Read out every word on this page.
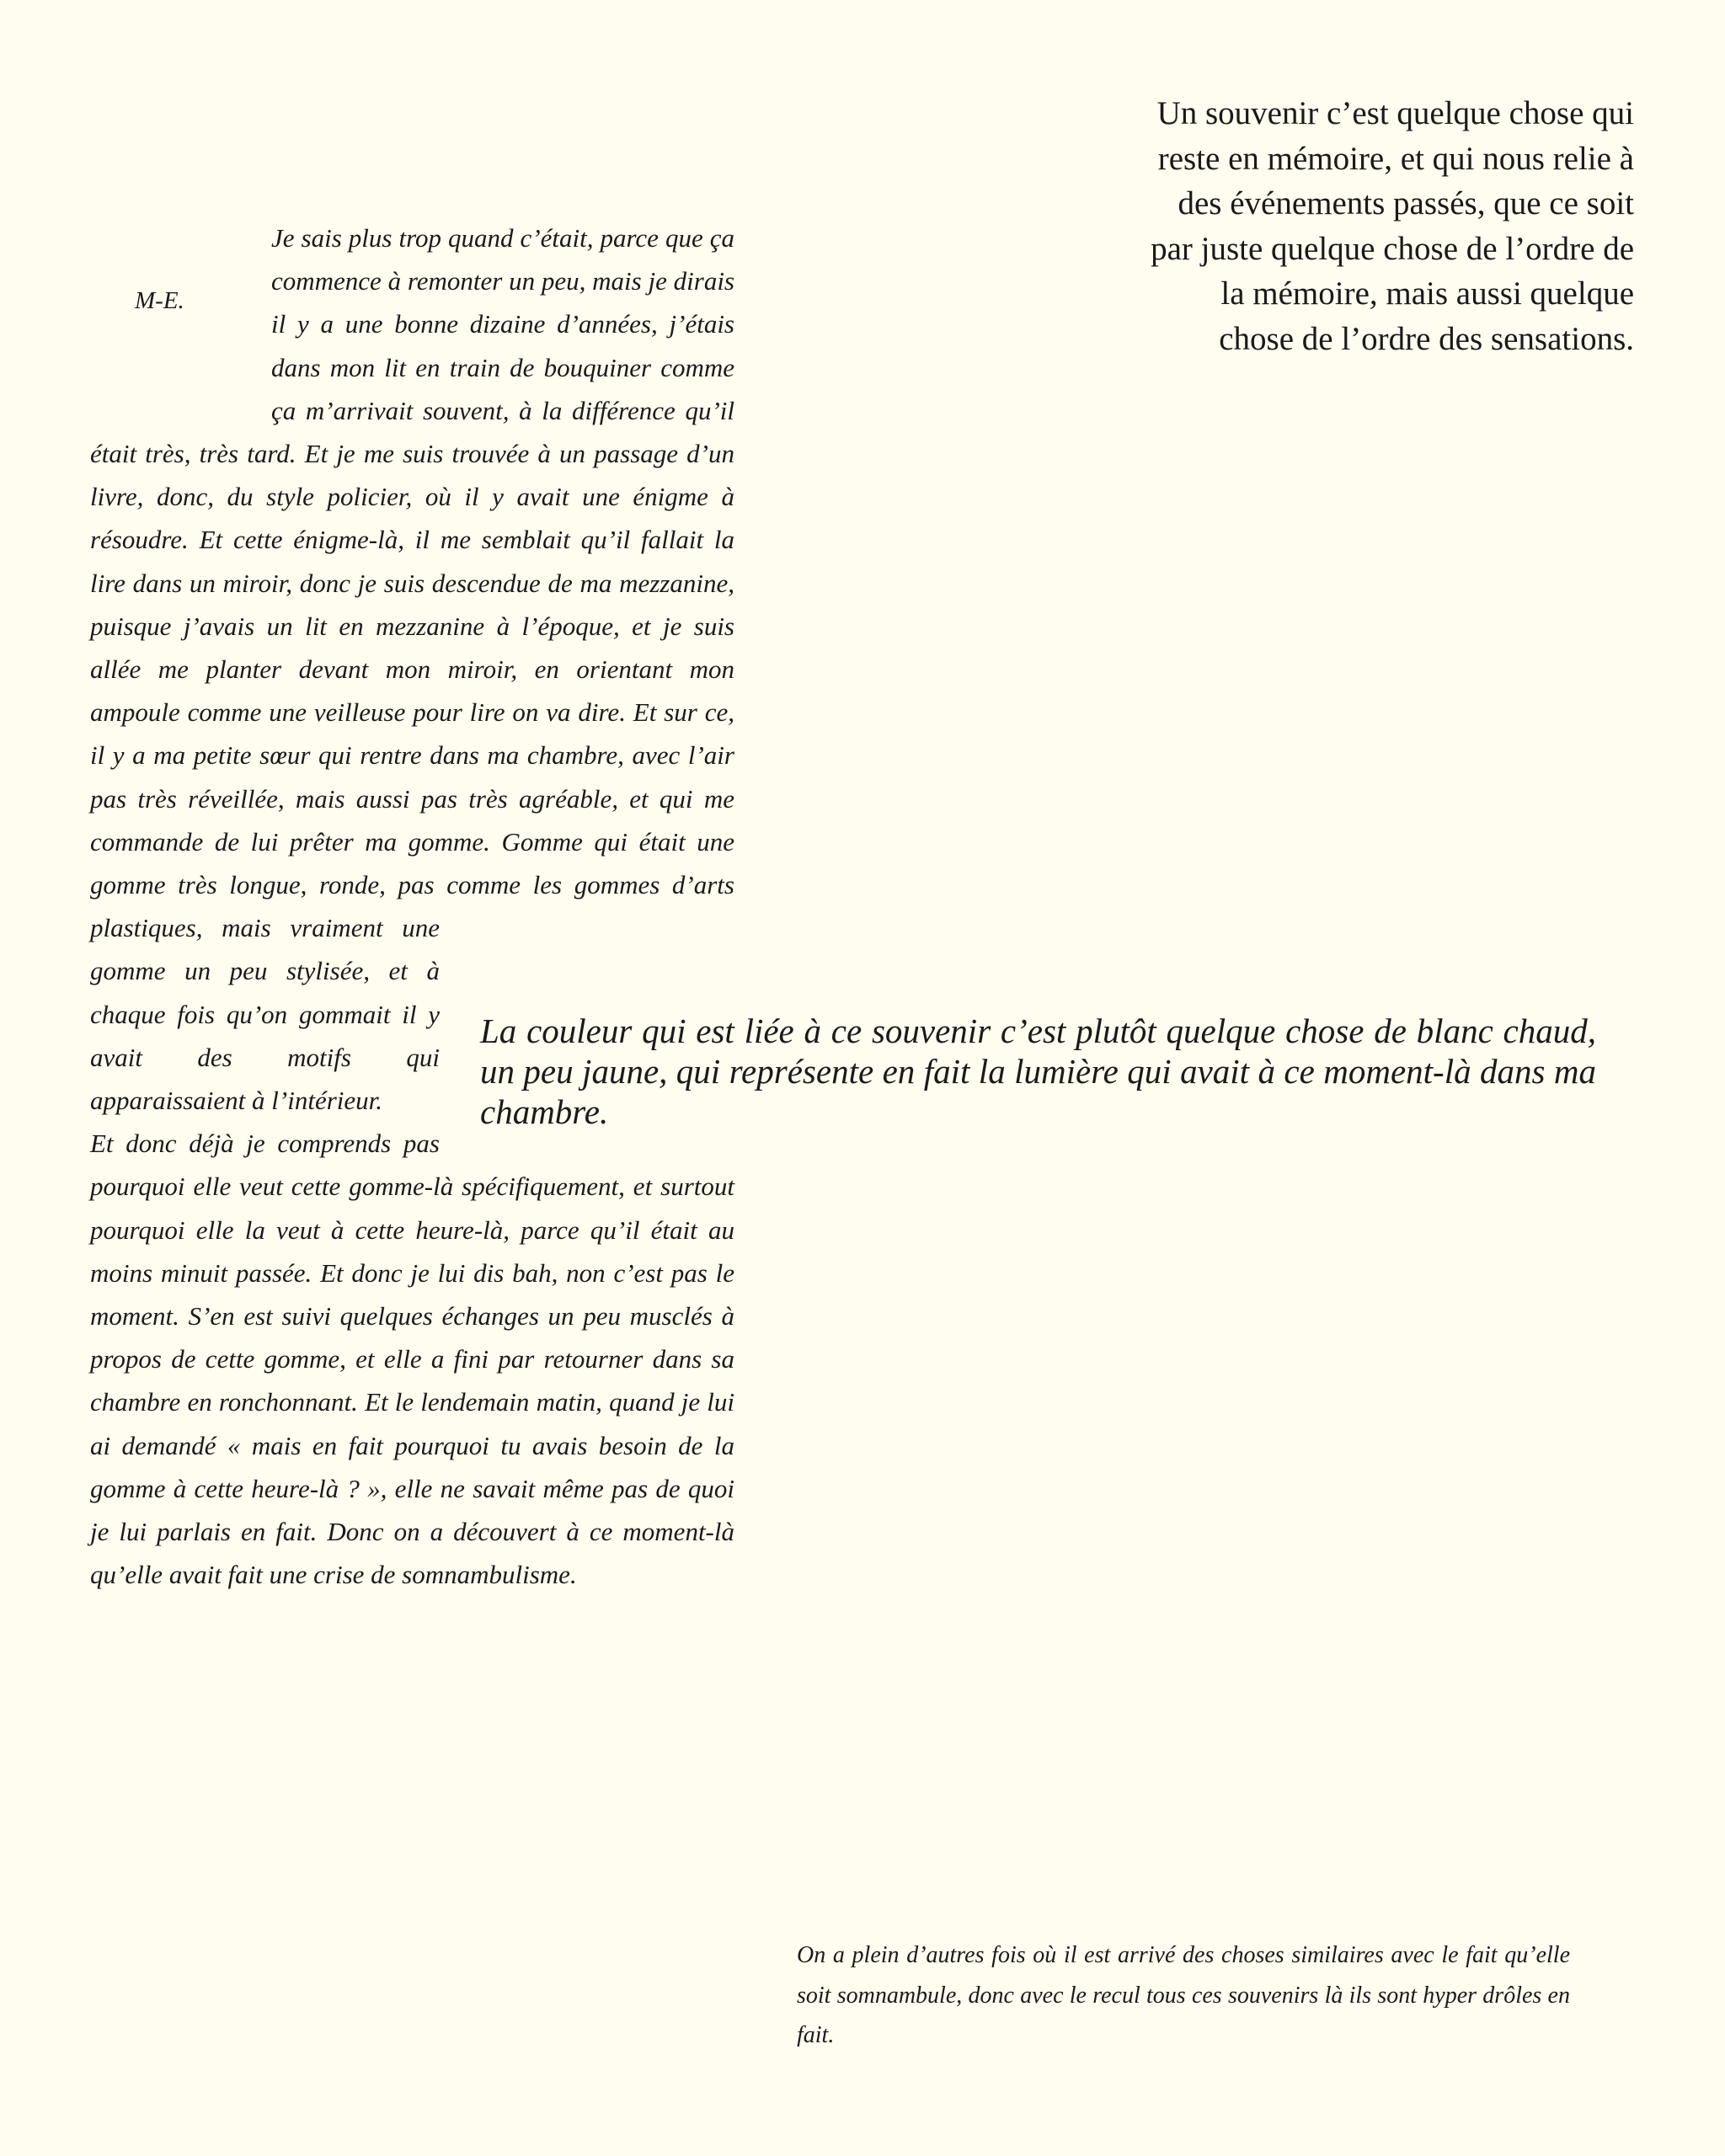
Un souvenir c’est quelque chose qui reste en mémoire, et qui nous relie à des événements passés, que ce soit par juste quelque chose de l’ordre de la mémoire, mais aussi quelque chose de l’ordre des sensations.

M-E.

Je sais plus trop quand c’était, parce que ça commence à remonter un peu, mais je dirais il y a une bonne dizaine d’années, j’étais dans mon lit en train de bouquiner comme ça m’arrivait souvent, à la différence qu’il était très, très tard. Et je me suis trouvée à un passage d’un livre, donc, du style policier, où il y avait une énigme à résoudre. Et cette énigme-là, il me semblait qu’il fallait la lire dans un miroir, donc je suis descendue de ma mezzanine, puisque j’avais un lit en mezzanine à l’époque, et je suis allée me planter devant mon miroir, en orientant mon ampoule comme une veilleuse pour lire on va dire. Et sur ce, il y a ma petite sœur qui rentre dans ma chambre, avec l’air pas très réveillée, mais aussi pas très agréable, et qui me commande de lui prêter ma gomme. Gomme qui était une gomme très longue, ronde, pas comme les gommes d’arts plastiques, mais vraiment une gomme un peu stylisée, et à chaque fois qu’on gommait il y avait des motifs qui apparaissaient à l’intérieur.

Et donc déjà je comprends pas pourquoi elle veut cette gomme-là spécifiquement, et surtout pourquoi elle la veut à cette heure-là, parce qu’il était au moins minuit passée. Et donc je lui dis bah, non c’est pas le moment. S’en est suivi quelques échanges un peu musclés à propos de cette gomme, et elle a fini par retourner dans sa chambre en ronchonnant. Et le lendemain matin, quand je lui ai demandé « mais en fait pourquoi tu avais besoin de la gomme à cette heure-là ? », elle ne savait même pas de quoi je lui parlais en fait. Donc on a découvert à ce moment-là qu’elle avait fait une crise de somnambulisme.

La couleur qui est liée à ce souvenir c’est plutôt quelque chose de blanc chaud, un peu jaune, qui représente en fait la lumière qui avait à ce moment-là dans ma chambre.

On a plein d’autres fois où il est arrivé des choses similaires avec le fait qu’elle soit somnambule, donc avec le recul tous ces souvenirs là ils sont hyper drôles en fait.
